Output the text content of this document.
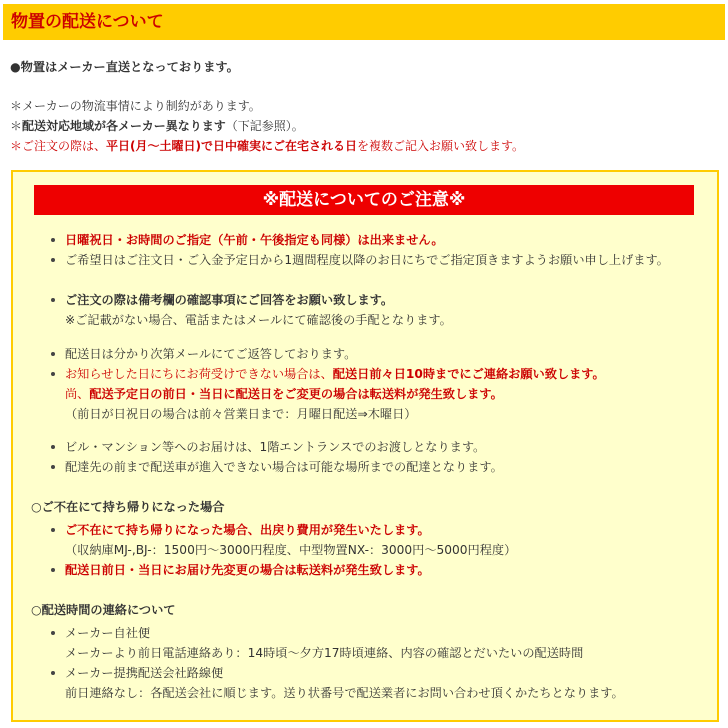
物置の配送について
●物置はメーカー直送となっております。
＊メーカーの物流事情により制約があります。
＊配送対応地域が各メーカー異なります（下記参照）。
＊ご注文の際は、平日(月～土曜日)で日中確実にご在宅される日を複数ご記入お願い致します。
※配送についてのご注意※
日曜祝日・お時間のご指定（午前・午後指定も同様）は出来ません。
ご希望日はご注文日・ご入金予定日から1週間程度以降のお日にちでご指定頂きますようお願い申し上げます。
ご注文の際は備考欄の確認事項にご回答をお願い致します。
※ご記載がない場合、電話またはメールにて確認後の手配となります。
配送日は分かり次第メールにてご返答しております。
お知らせした日にちにお荷受けできない場合は、配送日前々日10時までにご連絡お願い致します。
尚、配送予定日の前日・当日に配送日をご変更の場合は転送料が発生致します。
（前日が日祝日の場合は前々営業日まで：月曜日配送⇒木曜日）
ビル・マンション等へのお届けは、1階エントランスでのお渡しとなります。
配達先の前まで配送車が進入できない場合は可能な場所までの配達となります。
○ご不在にて持ち帰りになった場合
ご不在にて持ち帰りになった場合、出戻り費用が発生いたします。
（収納庫MJ-,BJ-：1500円～3000円程度、中型物置NX-：3000円～5000円程度）
配送日前日・当日にお届け先変更の場合は転送料が発生致します。
○配送時間の連絡について
メーカー自社便
メーカーより前日電話連絡あり：14時頃～夕方17時頃連絡、内容の確認とだいたいの配送時間
メーカー提携配送会社路線便
前日連絡なし：各配送会社に順じます。送り状番号で配送業者にお問い合わせ頂くかたちとなります。
